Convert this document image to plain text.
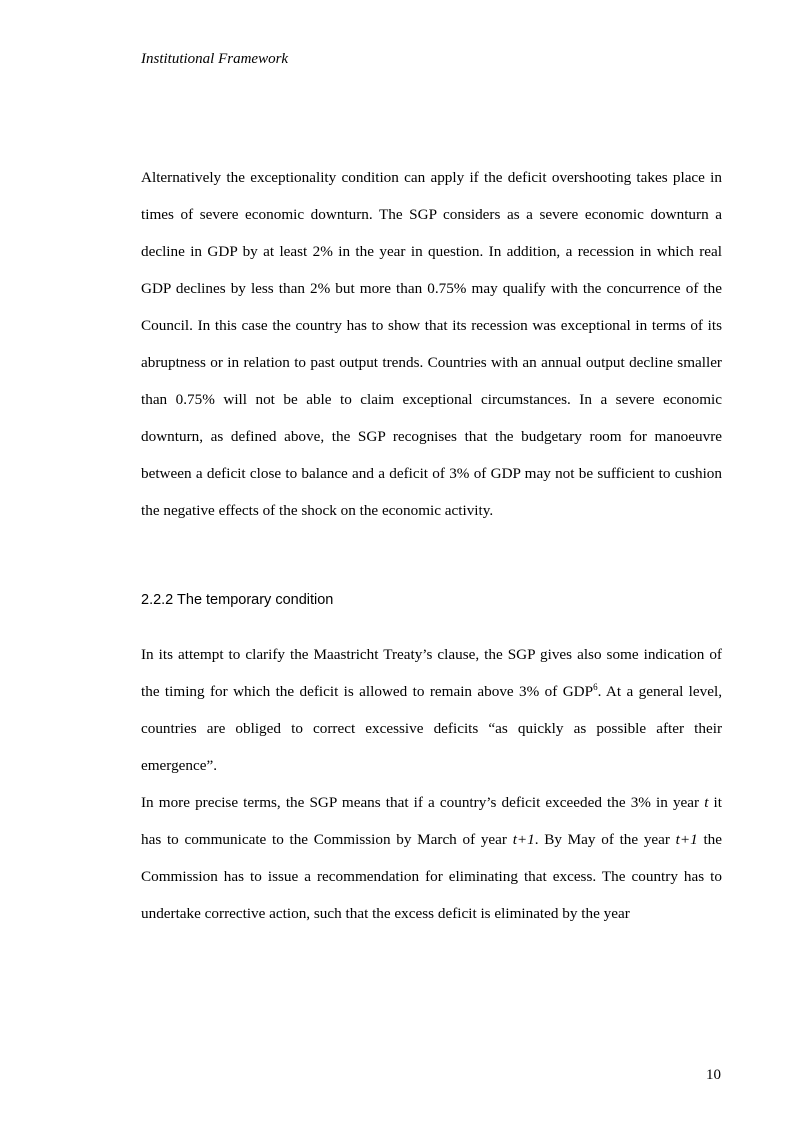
Institutional Framework

Alternatively the exceptionality condition can apply if the deficit overshooting takes place in times of severe economic downturn. The SGP considers as a severe economic downturn a decline in GDP by at least 2% in the year in question. In addition, a recession in which real GDP declines by less than 2% but more than 0.75% may qualify with the concurrence of the Council. In this case the country has to show that its recession was exceptional in terms of its abruptness or in relation to past output trends. Countries with an annual output decline smaller than 0.75% will not be able to claim exceptional circumstances. In a severe economic downturn, as defined above, the SGP recognises that the budgetary room for manoeuvre between a deficit close to balance and a deficit of 3% of GDP may not be sufficient to cushion the negative effects of the shock on the economic activity.

2.2.2 The temporary condition

In its attempt to clarify the Maastricht Treaty’s clause, the SGP gives also some indication of the timing for which the deficit is allowed to remain above 3% of GDP$^6$. At a general level, countries are obliged to correct excessive deficits “as quickly as possible after their emergence”.

In more precise terms, the SGP means that if a country’s deficit exceeded the 3% in year t it has to communicate to the Commission by March of year t+1. By May of the year t+1 the Commission has to issue a recommendation for eliminating that excess. The country has to undertake corrective action, such that the excess deficit is eliminated by the year

10
